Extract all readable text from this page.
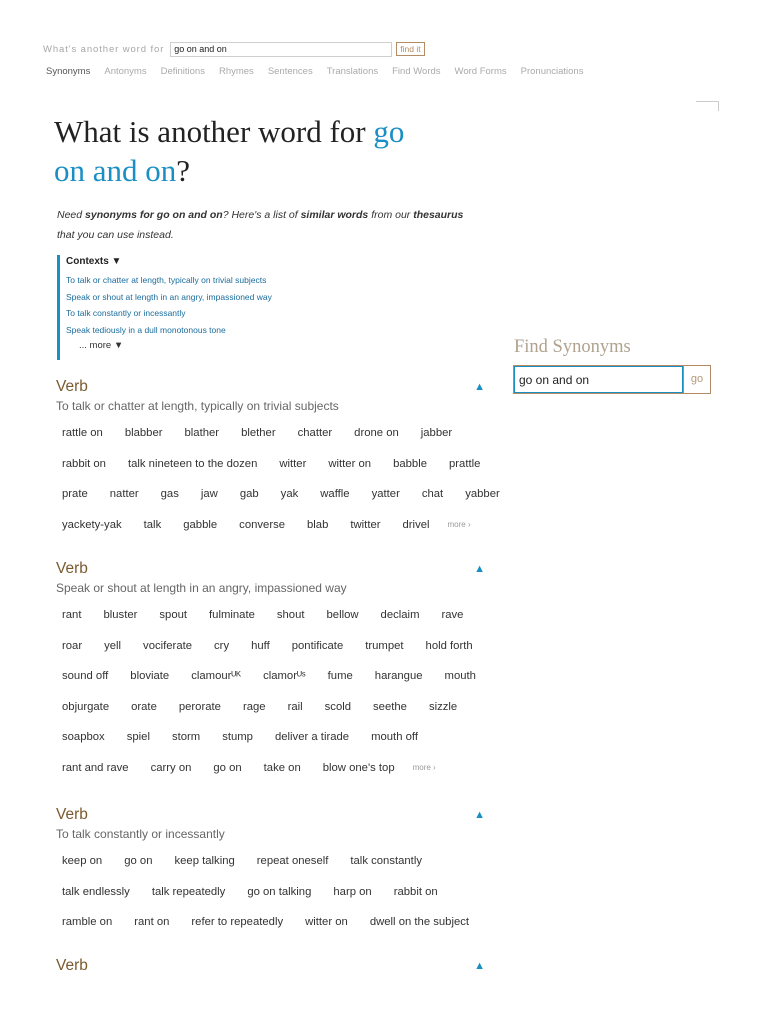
What's another word for
go on and on	find it
Synonyms Antonyms Definitions Rhymes Sentences Translations Find Words Word Forms Pronunciations
What is another word for go
on and on?
Need synonyms for go on and on? Here's a list of similar words from our thesaurus
that you can use instead.
Contexts ▼
To talk or chatter at length, typically on trivial subjects
Speak or shout at length in an angry, impassioned way
To talk constantly or incessantly
Speak tediously in a dull monotonous tone
... more ▼
Verb	▲
To talk or chatter at length, typically on trivial subjects
rattle on	blabber	blather	blether	chatter	drone on	jabber
rabbit on	talk nineteen to the dozen	witter	witter on	babble	prattle
prate	natter	gas	jaw	gab	yak	waffle	yatter	chat	yabber
yackety-yak	talk	gabble	converse	blab	twitter	drivel	more ›
Verb	▲
Speak or shout at length in an angry, impassioned way
rant	bluster	spout	fulminate	shout	bellow	declaim	rave
roar	yell	vociferate	cry	huff	pontificate	trumpet	hold forth
sound off	bloviate	clamourᵁᴷ	clamorᵁˢ	fume	harangue	mouth
objurgate	orate	perorate	rage	rail	scold	seethe	sizzle
soapbox	spiel	storm	stump	deliver a tirade	mouth off
rant and rave	carry on	go on	take on	blow one's top	more ›
Verb	▲
To talk constantly or incessantly
keep on	go on	keep talking	repeat oneself	talk constantly
talk endlessly	talk repeatedly	go on talking	harp on	rabbit on
ramble on	rant on	refer to repeatedly	witter on	dwell on the subject
Verb	▲
Find Synonyms
go on and on
go
